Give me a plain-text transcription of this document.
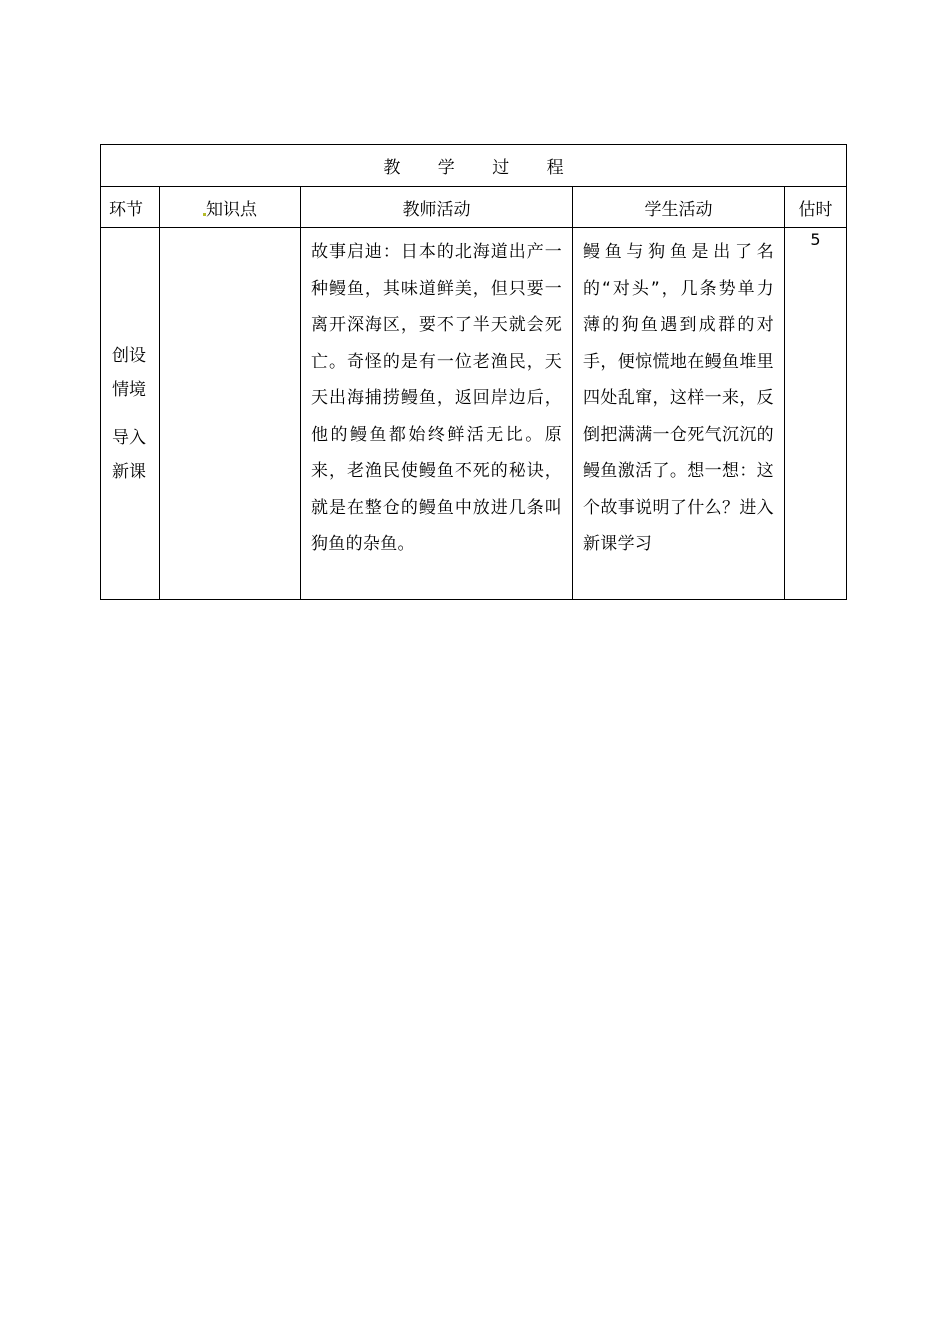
教 学 过 程				
环节	知识点	教师活动	学生活动	估时

创设
情境
导入
新课		故事启迪：日本的北海道出产一种鳗鱼，其味道鲜美，但只要一离开深海区，要不了半天就会死亡。奇怪的是有一位老渔民，天天出海捕捞鳗鱼，返回岸边后，他的鳗鱼都始终鲜活无比。原来，老渔民使鳗鱼不死的秘诀，就是在整仓的鳗鱼中放进几条叫狗鱼的杂鱼。	鳗鱼与狗鱼是出了名的“对头”，几条势单力薄的狗鱼遇到成群的对手，便惊慌地在鳗鱼堆里四处乱窜，这样一来，反倒把满满一仓死气沉沉的鳗鱼激活了。想一想：这个故事说明了什么？进入新课学习	5
